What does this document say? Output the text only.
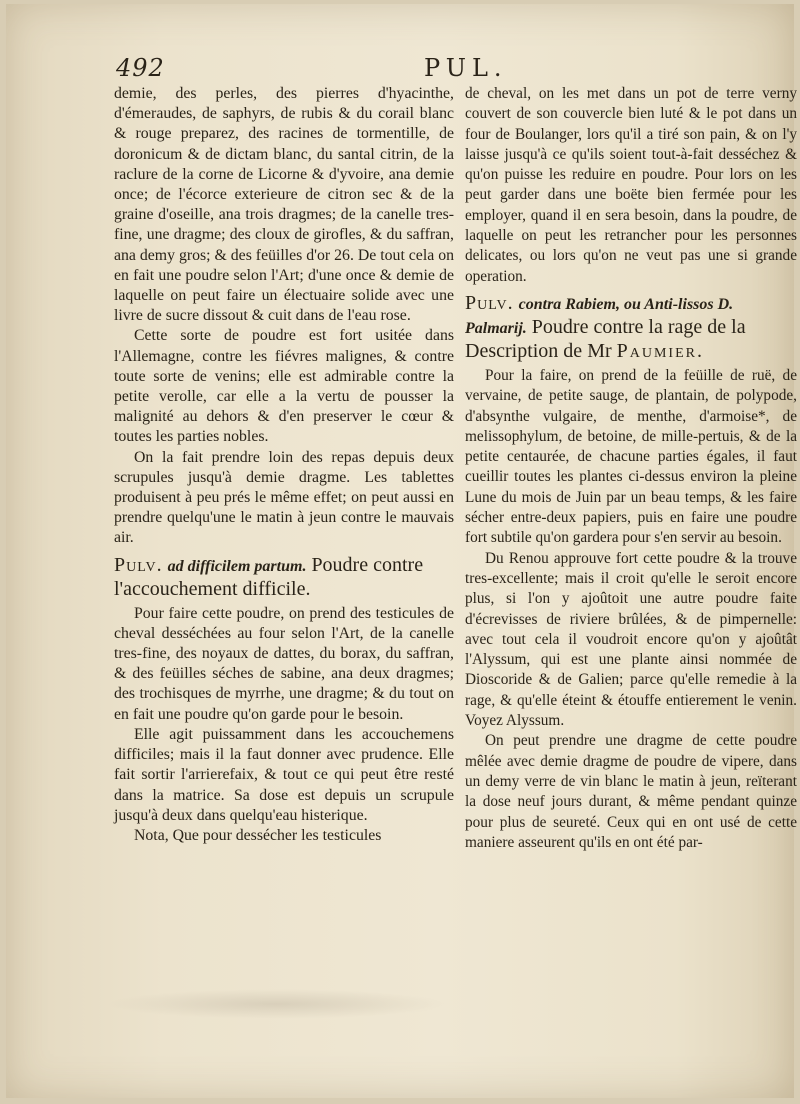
492	PUL.

demie, des perles, des pierres d'hyacinthe, d'émeraudes, de saphyrs, de rubis & du corail blanc & rouge preparez, des racines de tormentille, de doronicum & de dictam blanc, du santal citrin, de la raclure de la corne de Licorne & d'yvoire, ana demie once; de l'écorce exterieure de citron sec & de la graine d'oseille, ana trois dragmes; de la canelle tres-fine, une dragme; des cloux de girofles, & du saffran, ana demy gros; & des feüilles d'or 26. De tout cela on en fait une poudre selon l'Art; d'une once & demie de laquelle on peut faire un électuaire solide avec une livre de sucre dissout & cuit dans de l'eau rose.

Cette sorte de poudre est fort usitée dans l'Allemagne, contre les fiévres malignes, & contre toute sorte de venins; elle est admirable contre la petite verolle, car elle a la vertu de pousser la malignité au dehors & d'en preserver le cœur & toutes les parties nobles.

On la fait prendre loin des repas depuis deux scrupules jusqu'à demie dragme. Les tablettes produisent à peu prés le même effet; on peut aussi en prendre quelqu'une le matin à jeun contre le mauvais air.

Pulv. ad difficilem partum. Poudre contre l'accouchement difficile.

Pour faire cette poudre, on prend des testicules de cheval desséchées au four selon l'Art, de la canelle tres-fine, des noyaux de dattes, du borax, du saffran, & des feüilles séches de sabine, ana deux dragmes; des trochisques de myrrhe, une dragme; & du tout on en fait une poudre qu'on garde pour le besoin.

Elle agit puissamment dans les accouchemens difficiles; mais il la faut donner avec prudence. Elle fait sortir l'arrierefaix, & tout ce qui peut être resté dans la matrice. Sa dose est depuis un scrupule jusqu'à deux dans quelqu'eau histerique.

Nota, Que pour dessécher les testicules

de cheval, on les met dans un pot de terre verny couvert de son couvercle bien luté & le pot dans un four de Boulanger, lors qu'il a tiré son pain, & on l'y laisse jusqu'à ce qu'ils soient tout-à-fait desséchez & qu'on puisse les reduire en poudre. Pour lors on les peut garder dans une boëte bien fermée pour les employer, quand il en sera besoin, dans la poudre, de laquelle on peut les retrancher pour les personnes delicates, ou lors qu'on ne veut pas une si grande operation.

Pulv. contra Rabiem, ou Anti-lissos D. Palmarij. Poudre contre la rage de la Description de Mr Paumier.

Pour la faire, on prend de la feüille de ruë, de vervaine, de petite sauge, de plantain, de polypode, d'absynthe vulgaire, de menthe, d'armoise*, de melissophylum, de betoine, de mille-pertuis, & de la petite centaurée, de chacune parties égales, il faut cueillir toutes les plantes ci-dessus environ la pleine Lune du mois de Juin par un beau temps, & les faire sécher entre-deux papiers, puis en faire une poudre fort subtile qu'on gardera pour s'en servir au besoin.

Du Renou approuve fort cette poudre & la trouve tres-excellente; mais il croit qu'elle le seroit encore plus, si l'on y ajoûtoit une autre poudre faite d'écrevisses de riviere brûlées, & de pimpernelle: avec tout cela il voudroit encore qu'on y ajoûtât l'Alyssum, qui est une plante ainsi nommée de Dioscoride & de Galien; parce qu'elle remedie à la rage, & qu'elle éteint & étouffe entierement le venin. Voyez Alyssum.

On peut prendre une dragme de cette poudre mêlée avec demie dragme de poudre de vipere, dans un demy verre de vin blanc le matin à jeun, reïterant la dose neuf jours durant, & même pendant quinze pour plus de seureté. Ceux qui en ont usé de cette maniere asseurent qu'ils en ont été par-
